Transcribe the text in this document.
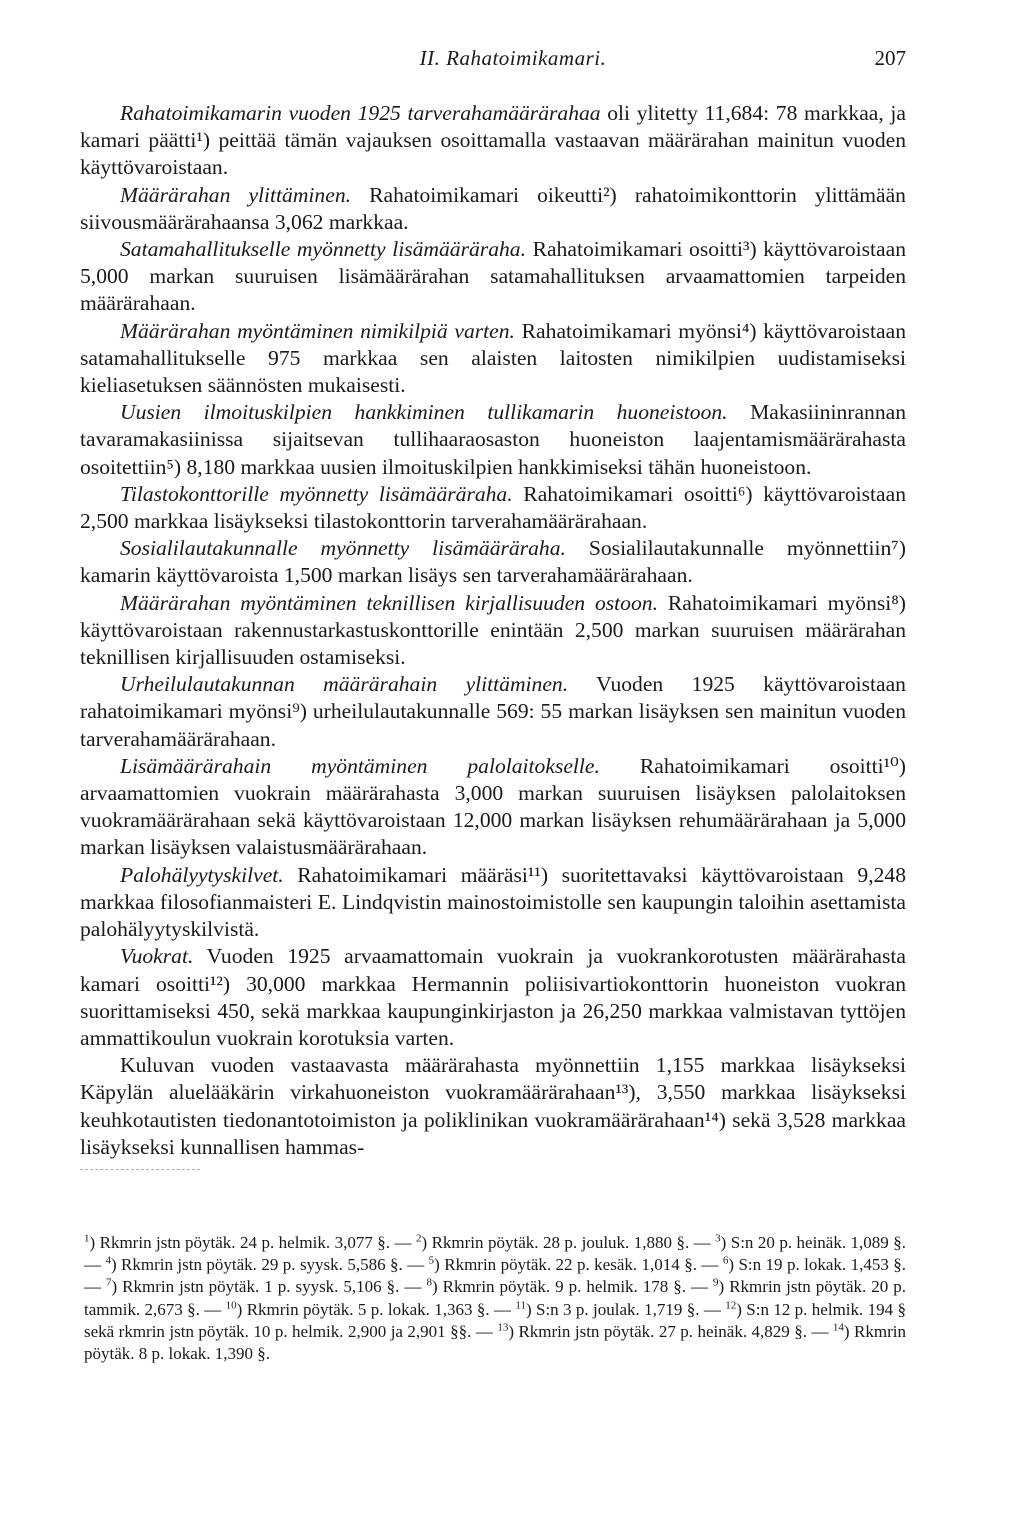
II. Rahatoimikamari.	207

Rahatoimikamarin vuoden 1925 tarverahamäärärahaa oli ylitetty 11,684: 78 markkaa, ja kamari päätti¹) peittää tämän vajauksen osoittamalla vastaavan määrärahan mainitun vuoden käyttövaroistaan.

Määrärahan ylittäminen. Rahatoimikamari oikeutti²) rahatoimikonttorin ylittämään siivousmäärärahaansa 3,062 markkaa.

Satamahallitukselle myönnetty lisämääräraha. Rahatoimikamari osoitti³) käyttövaroistaan 5,000 markan suuruisen lisämäärärahan satamahallituksen arvaamattomien tarpeiden määrärahaan.

Määrärahan myöntäminen nimikilpiä varten. Rahatoimikamari myönsi⁴) käyttövaroistaan satamahallitukselle 975 markkaa sen alaisten laitosten nimikilpien uudistamiseksi kieliasetuksen säännösten mukaisesti.

Uusien ilmoituskilpien hankkiminen tullikamarin huoneistoon. Makasiininrannan tavaramakasiinissa sijaitsevan tullihaaraosaston huoneiston laajentamismäärärahasta osoitettiin⁵) 8,180 markkaa uusien ilmoituskilpien hankkimiseksi tähän huoneistoon.

Tilastokonttorille myönnetty lisämääräraha. Rahatoimikamari osoitti⁶) käyttövaroistaan 2,500 markkaa lisäykseksi tilastokonttorin tarverahamäärärahaan.

Sosialilautakunnalle myönnetty lisämääräraha. Sosialilautakunnalle myönnettiin⁷) kamarin käyttövaroista 1,500 markan lisäys sen tarverahamäärärahaan.

Määrärahan myöntäminen teknillisen kirjallisuuden ostoon. Rahatoimikamari myönsi⁸) käyttövaroistaan rakennustarkastuskonttorille enintään 2,500 markan suuruisen määrärahan teknillisen kirjallisuuden ostamiseksi.

Urheilulautakunnan määrärahain ylittäminen. Vuoden 1925 käyttövaroistaan rahatoimikamari myönsi⁹) urheilulautakunnalle 569: 55 markan lisäyksen sen mainitun vuoden tarverahamäärärahaan.

Lisämäärärahain myöntäminen palolaitokselle. Rahatoimikamari osoitti¹⁰) arvaamattomien vuokrain määrärahasta 3,000 markan suuruisen lisäyksen palolaitoksen vuokramäärärahaan sekä käyttövaroistaan 12,000 markan lisäyksen rehumäärärahaan ja 5,000 markan lisäyksen valaistusmäärärahaan.

Palohälyytyskilvet. Rahatoimikamari määräsi¹¹) suoritettavaksi käyttövaroistaan 9,248 markkaa filosofianmaisteri E. Lindqvistin mainostoimistolle sen kaupungin taloihin asettamista palohälyytyskilvistä.

Vuokrat. Vuoden 1925 arvaamattomain vuokrain ja vuokrankorotusten määrärahasta kamari osoitti¹²) 30,000 markkaa Hermannin poliisivartiokonttorin huoneiston vuokran suorittamiseksi 450, sekä markkaa kaupunginkirjaston ja 26,250 markkaa valmistavan tyttöjen ammattikoulun vuokrain korotuksia varten.

Kuluvan vuoden vastaavasta määrärahasta myönnettiin 1,155 markkaa lisäykseksi Käpylän aluelääkärin virkahuoneiston vuokramäärärahaan¹³), 3,550 markkaa lisäykseksi keuhkotautisten tiedonantotoimiston ja poliklinikan vuokramäärärahaan¹⁴) sekä 3,528 markkaa lisäykseksi kunnallisen hammas-

$^1$) Rkmrin jstn pöytäk. 24 p. helmik. 3,077 §. — $^2$) Rkmrin pöytäk. 28 p. jouluk. 1,880 §. — $^3$) S:n 20 p. heinäk. 1,089 §. — $^4$) Rkmrin jstn pöytäk. 29 p. syysk. 5,586 §. — $^5$) Rkmrin pöytäk. 22 p. kesäk. 1,014 §. — $^6$) S:n 19 p. lokak. 1,453 §. — $^7$) Rkmrin jstn pöytäk. 1 p. syysk. 5,106 §. — $^8$) Rkmrin pöytäk. 9 p. helmik. 178 §. — $^9$) Rkmrin jstn pöytäk. 20 p. tammik. 2,673 §. — $^{10}$) Rkmrin pöytäk. 5 p. lokak. 1,363 §. — $^{11}$) S:n 3 p. joulak. 1,719 §. — $^{12}$) S:n 12 p. helmik. 194 § sekä rkmrin jstn pöytäk. 10 p. helmik. 2,900 ja 2,901 §§. — $^{13}$) Rkmrin jstn pöytäk. 27 p. heinäk. 4,829 §. — $^{14}$) Rkmrin pöytäk. 8 p. lokak. 1,390 §.
